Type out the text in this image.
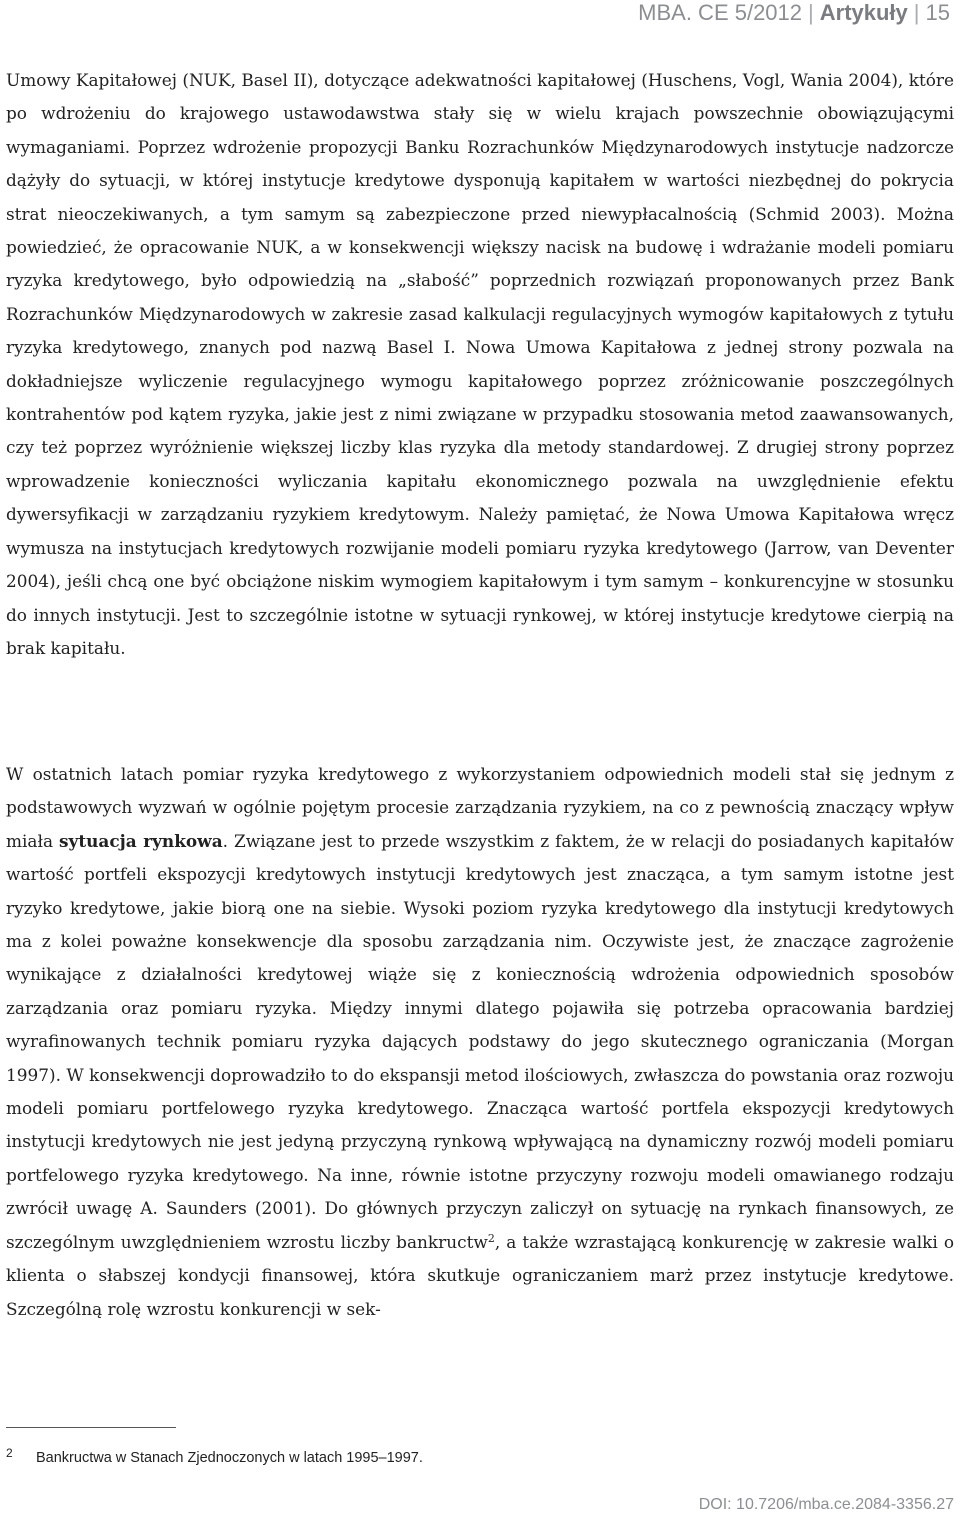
MBA. CE 5/2012 | Artykuły | 15

Umowy Kapitałowej (NUK, Basel II), dotyczące adekwatności kapitałowej (Huschens, Vogl, Wania 2004), które po wdrożeniu do krajowego ustawodawstwa stały się w wielu krajach powszechnie obowiązującymi wymaganiami. Poprzez wdrożenie propozycji Banku Rozrachunków Międzynarodowych instytucje nadzorcze dążyły do sytuacji, w której instytucje kredytowe dysponują kapitałem w wartości niezbędnej do pokrycia strat nieoczekiwanych, a tym samym są zabezpieczone przed niewypłacalnością (Schmid 2003). Można powiedzieć, że opracowanie NUK, a w konsekwencji większy nacisk na budowę i wdrażanie modeli pomiaru ryzyka kredytowego, było odpowiedzią na „słabość” poprzednich rozwiązań proponowanych przez Bank Rozrachunków Międzynarodowych w zakresie zasad kalkulacji regulacyjnych wymogów kapitałowych z tytułu ryzyka kredytowego, znanych pod nazwą Basel I. Nowa Umowa Kapitałowa z jednej strony pozwala na dokładniejsze wyliczenie regulacyjnego wymogu kapitałowego poprzez zróżnicowanie poszczególnych kontrahentów pod kątem ryzyka, jakie jest z nimi związane w przypadku stosowania metod zaawansowanych, czy też poprzez wyróżnienie większej liczby klas ryzyka dla metody standardowej. Z drugiej strony poprzez wprowadzenie konieczności wyliczania kapitału ekonomicznego pozwala na uwzględnienie efektu dywersyfikacji w zarządzaniu ryzykiem kredytowym. Należy pamiętać, że Nowa Umowa Kapitałowa wręcz wymusza na instytucjach kredytowych rozwijanie modeli pomiaru ryzyka kredytowego (Jarrow, van Deventer 2004), jeśli chcą one być obciążone niskim wymogiem kapitałowym i tym samym – konkurencyjne w stosunku do innych instytucji. Jest to szczególnie istotne w sytuacji rynkowej, w której instytucje kredytowe cierpią na brak kapitału.

W ostatnich latach pomiar ryzyka kredytowego z wykorzystaniem odpowiednich modeli stał się jednym z podstawowych wyzwań w ogólnie pojętym procesie zarządzania ryzykiem, na co z pewnością znaczący wpływ miała sytuacja rynkowa. Związane jest to przede wszystkim z faktem, że w relacji do posiadanych kapitałów wartość portfeli ekspozycji kredytowych instytucji kredytowych jest znacząca, a tym samym istotne jest ryzyko kredytowe, jakie biorą one na siebie. Wysoki poziom ryzyka kredytowego dla instytucji kredytowych ma z kolei poważne konsekwencje dla sposobu zarządzania nim. Oczywiste jest, że znaczące zagrożenie wynikające z działalności kredytowej wiąże się z koniecznością wdrożenia odpowiednich sposobów zarządzania oraz pomiaru ryzyka. Między innymi dlatego pojawiła się potrzeba opracowania bardziej wyrafinowanych technik pomiaru ryzyka dających podstawy do jego skutecznego ograniczania (Morgan 1997). W konsekwencji doprowadziło to do ekspansji metod ilościowych, zwłaszcza do powstania oraz rozwoju modeli pomiaru portfelowego ryzyka kredytowego. Znacząca wartość portfela ekspozycji kredytowych instytucji kredytowych nie jest jedyną przyczyną rynkową wpływającą na dynamiczny rozwój modeli pomiaru portfelowego ryzyka kredytowego. Na inne, równie istotne przyczyny rozwoju modeli omawianego rodzaju zwrócił uwagę A. Saunders (2001). Do głównych przyczyn zaliczył on sytuację na rynkach finansowych, ze szczególnym uwzględnieniem wzrostu liczby bankructw$^2$, a także wzrastającą konkurencję w zakresie walki o klienta o słabszej kondycji finansowej, która skutkuje ograniczaniem marż przez instytucje kredytowe. Szczególną rolę wzrostu konkurencji w sek-

2 Bankructwa w Stanach Zjednoczonych w latach 1995–1997.
DOI: 10.7206/mba.ce.2084-3356.27
